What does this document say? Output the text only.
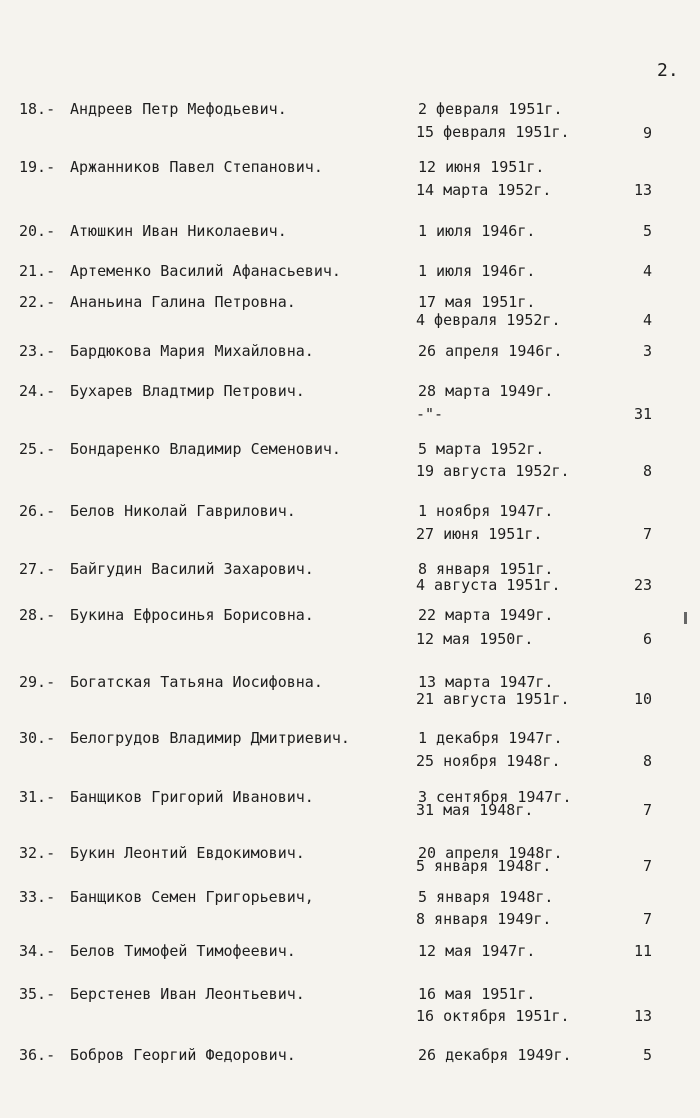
2.
18.- Андреев Петр Мефодьевич.	2 февраля 1951г.
15 февраля 1951г.	9
19.- Аржанников Павел Степанович.	12 июня 1951г.
14 марта 1952г.	13
20.- Атюшкин Иван Николаевич.	1 июля 1946г.	5
21.- Артеменко Василий Афанасьевич.	1 июля 1946г.	4
22.- Ананьина Галина Петровна.	17 мая 1951г.
4 февраля 1952г.	4
23.- Бардюкова Мария Михайловна.	26 апреля 1946г.	3
24.- Бухарев Владтмир Петрович.	28 марта 1949г.
-"-	31
25.- Бондаренко Владимир Семенович.	5 марта 1952г.
19 августа 1952г.	8
26.- Белов Николай Гаврилович.	1 ноября 1947г.
27 июня 1951г.	7
27.- Байгудин Василий Захарович.	8 января 1951г.
4 августа 1951г.	23
28.- Букина Ефросинья Борисовна.	22 марта 1949г.
12 мая 1950г.	6
29.- Богатская Татьяна Иосифовна.	13 марта 1947г.
21 августа 1951г.	10
30.- Белогрудов Владимир Дмитриевич.	1 декабря 1947г.
25 ноября 1948г.	8
31.- Банщиков Григорий Иванович.	3 сентября 1947г.
31 мая 1948г.	7
32.- Букин Леонтий Евдокимович.	20 апреля 1948г.
5 января 1948г.	7
33.- Банщиков Семен Григорьевич,	5 января 1948г.
8 января 1949г.	7
34.- Белов Тимофей Тимофеевич.	12 мая 1947г.	11
35.- Берстенев Иван Леонтьевич.	16 мая 1951г.
16 октября 1951г.	13
36.- Бобров Георгий Федорович.	26 декабря 1949г.	5
